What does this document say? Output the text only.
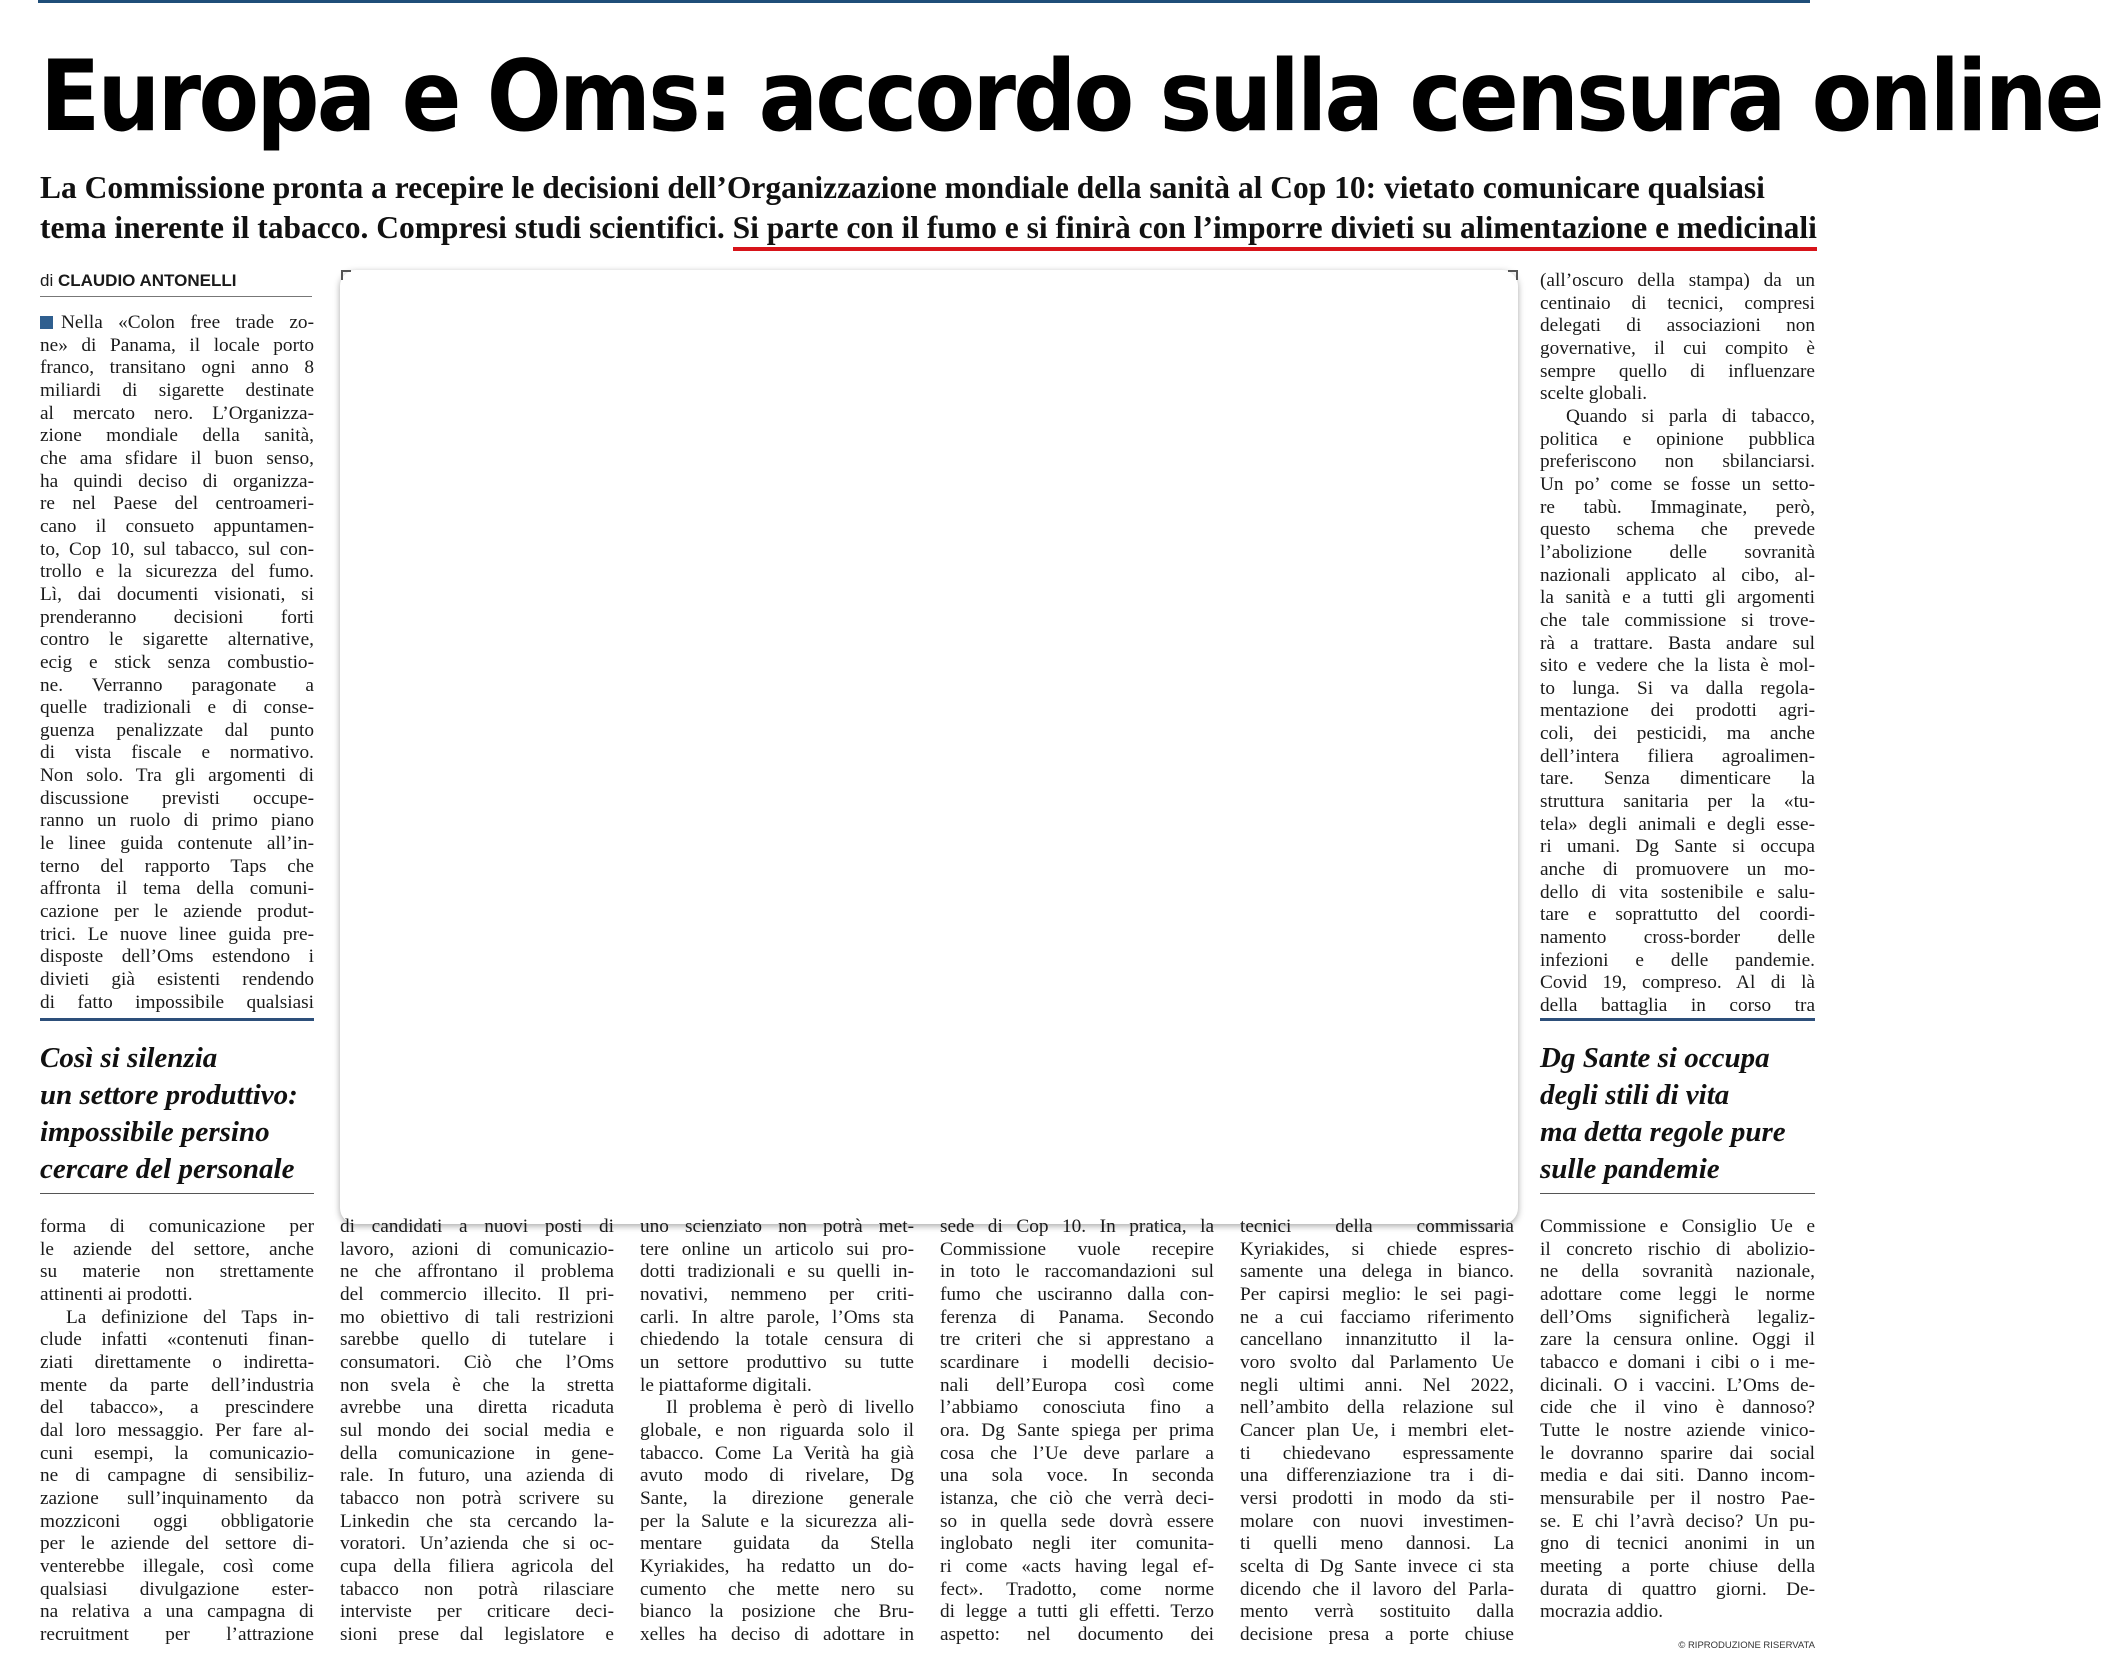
Europa e Oms: accordo sulla censura online
La Commissione pronta a recepire le decisioni dell’Organizzazione mondiale della sanità al Cop 10: vietato comunicare qualsiasi
tema inerente il tabacco. Compresi studi scientifici. Si parte con il fumo e si finirà con l’imporre divieti su alimentazione e medicinali
di CLAUDIO ANTONELLI
Nella «Colon free trade zo-
ne» di Panama, il locale porto
franco, transitano ogni anno 8
miliardi di sigarette destinate
al mercato nero. L’Organizza-
zione mondiale della sanità,
che ama sfidare il buon senso,
ha quindi deciso di organizza-
re nel Paese del centroameri-
cano il consueto appuntamen-
to, Cop 10, sul tabacco, sul con-
trollo e la sicurezza del fumo.
Lì, dai documenti visionati, si
prenderanno decisioni forti
contro le sigarette alternative,
ecig e stick senza combustio-
ne. Verranno paragonate a
quelle tradizionali e di conse-
guenza penalizzate dal punto
di vista fiscale e normativo.
Non solo. Tra gli argomenti di
discussione previsti occupe-
ranno un ruolo di primo piano
le linee guida contenute all’in-
terno del rapporto Taps che
affronta il tema della comuni-
cazione per le aziende produt-
trici. Le nuove linee guida pre-
disposte dell’Oms estendono i
divieti già esistenti rendendo
di fatto impossibile qualsiasi
Così si silenzia
un settore produttivo:
impossibile persino
cercare del personale
forma di comunicazione per
le aziende del settore, anche
su materie non strettamente
attinenti ai prodotti.
La definizione del Taps in-
clude infatti «contenuti finan-
ziati direttamente o indiretta-
mente da parte dell’industria
del tabacco», a prescindere
dal loro messaggio. Per fare al-
cuni esempi, la comunicazio-
ne di campagne di sensibiliz-
zazione sull’inquinamento da
mozziconi oggi obbligatorie
per le aziende del settore di-
venterebbe illegale, così come
qualsiasi divulgazione ester-
na relativa a una campagna di
recruitment per l’attrazione
di candidati a nuovi posti di
lavoro, azioni di comunicazio-
ne che affrontano il problema
del commercio illecito. Il pri-
mo obiettivo di tali restrizioni
sarebbe quello di tutelare i
consumatori. Ciò che l’Oms
non svela è che la stretta
avrebbe una diretta ricaduta
sul mondo dei social media e
della comunicazione in gene-
rale. In futuro, una azienda di
tabacco non potrà scrivere su
Linkedin che sta cercando la-
voratori. Un’azienda che si oc-
cupa della filiera agricola del
tabacco non potrà rilasciare
interviste per criticare deci-
sioni prese dal legislatore e
uno scienziato non potrà met-
tere online un articolo sui pro-
dotti tradizionali e su quelli in-
novativi, nemmeno per criti-
carli. In altre parole, l’Oms sta
chiedendo la totale censura di
un settore produttivo su tutte
le piattaforme digitali.
Il problema è però di livello
globale, e non riguarda solo il
tabacco. Come La Verità ha già
avuto modo di rivelare, Dg
Sante, la direzione generale
per la Salute e la sicurezza ali-
mentare guidata da Stella
Kyriakides, ha redatto un do-
cumento che mette nero su
bianco la posizione che Bru-
xelles ha deciso di adottare in
sede di Cop 10. In pratica, la
Commissione vuole recepire
in toto le raccomandazioni sul
fumo che usciranno dalla con-
ferenza di Panama. Secondo
tre criteri che si apprestano a
scardinare i modelli decisio-
nali dell’Europa così come
l’abbiamo conosciuta fino a
ora. Dg Sante spiega per prima
cosa che l’Ue deve parlare a
una sola voce. In seconda
istanza, che ciò che verrà deci-
so in quella sede dovrà essere
inglobato negli iter comunita-
ri come «acts having legal ef-
fect». Tradotto, come norme
di legge a tutti gli effetti. Terzo
aspetto: nel documento dei
tecnici della commissaria
Kyriakides, si chiede espres-
samente una delega in bianco.
Per capirsi meglio: le sei pagi-
ne a cui facciamo riferimento
cancellano innanzitutto il la-
voro svolto dal Parlamento Ue
negli ultimi anni. Nel 2022,
nell’ambito della relazione sul
Cancer plan Ue, i membri elet-
ti chiedevano espressamente
una differenziazione tra i di-
versi prodotti in modo da sti-
molare con nuovi investimen-
ti quelli meno dannosi. La
scelta di Dg Sante invece ci sta
dicendo che il lavoro del Parla-
mento verrà sostituito dalla
decisione presa a porte chiuse
(all’oscuro della stampa) da un
centinaio di tecnici, compresi
delegati di associazioni non
governative, il cui compito è
sempre quello di influenzare
scelte globali.
Quando si parla di tabacco,
politica e opinione pubblica
preferiscono non sbilanciarsi.
Un po’ come se fosse un setto-
re tabù. Immaginate, però,
questo schema che prevede
l’abolizione delle sovranità
nazionali applicato al cibo, al-
la sanità e a tutti gli argomenti
che tale commissione si trove-
rà a trattare. Basta andare sul
sito e vedere che la lista è mol-
to lunga. Si va dalla regola-
mentazione dei prodotti agri-
coli, dei pesticidi, ma anche
dell’intera filiera agroalimen-
tare. Senza dimenticare la
struttura sanitaria per la «tu-
tela» degli animali e degli esse-
ri umani. Dg Sante si occupa
anche di promuovere un mo-
dello di vita sostenibile e salu-
tare e soprattutto del coordi-
namento cross-border delle
infezioni e delle pandemie.
Covid 19, compreso. Al di là
della battaglia in corso tra
Dg Sante si occupa
degli stili di vita
ma detta regole pure
sulle pandemie
Commissione e Consiglio Ue e
il concreto rischio di abolizio-
ne della sovranità nazionale,
adottare come leggi le norme
dell’Oms significherà legaliz-
zare la censura online. Oggi il
tabacco e domani i cibi o i me-
dicinali. O i vaccini. L’Oms de-
cide che il vino è dannoso?
Tutte le nostre aziende vinico-
le dovranno sparire dai social
media e dai siti. Danno incom-
mensurabile per il nostro Pae-
se. E chi l’avrà deciso? Un pu-
gno di tecnici anonimi in un
meeting a porte chiuse della
durata di quattro giorni. De-
mocrazia addio.
© RIPRODUZIONE RISERVATA
